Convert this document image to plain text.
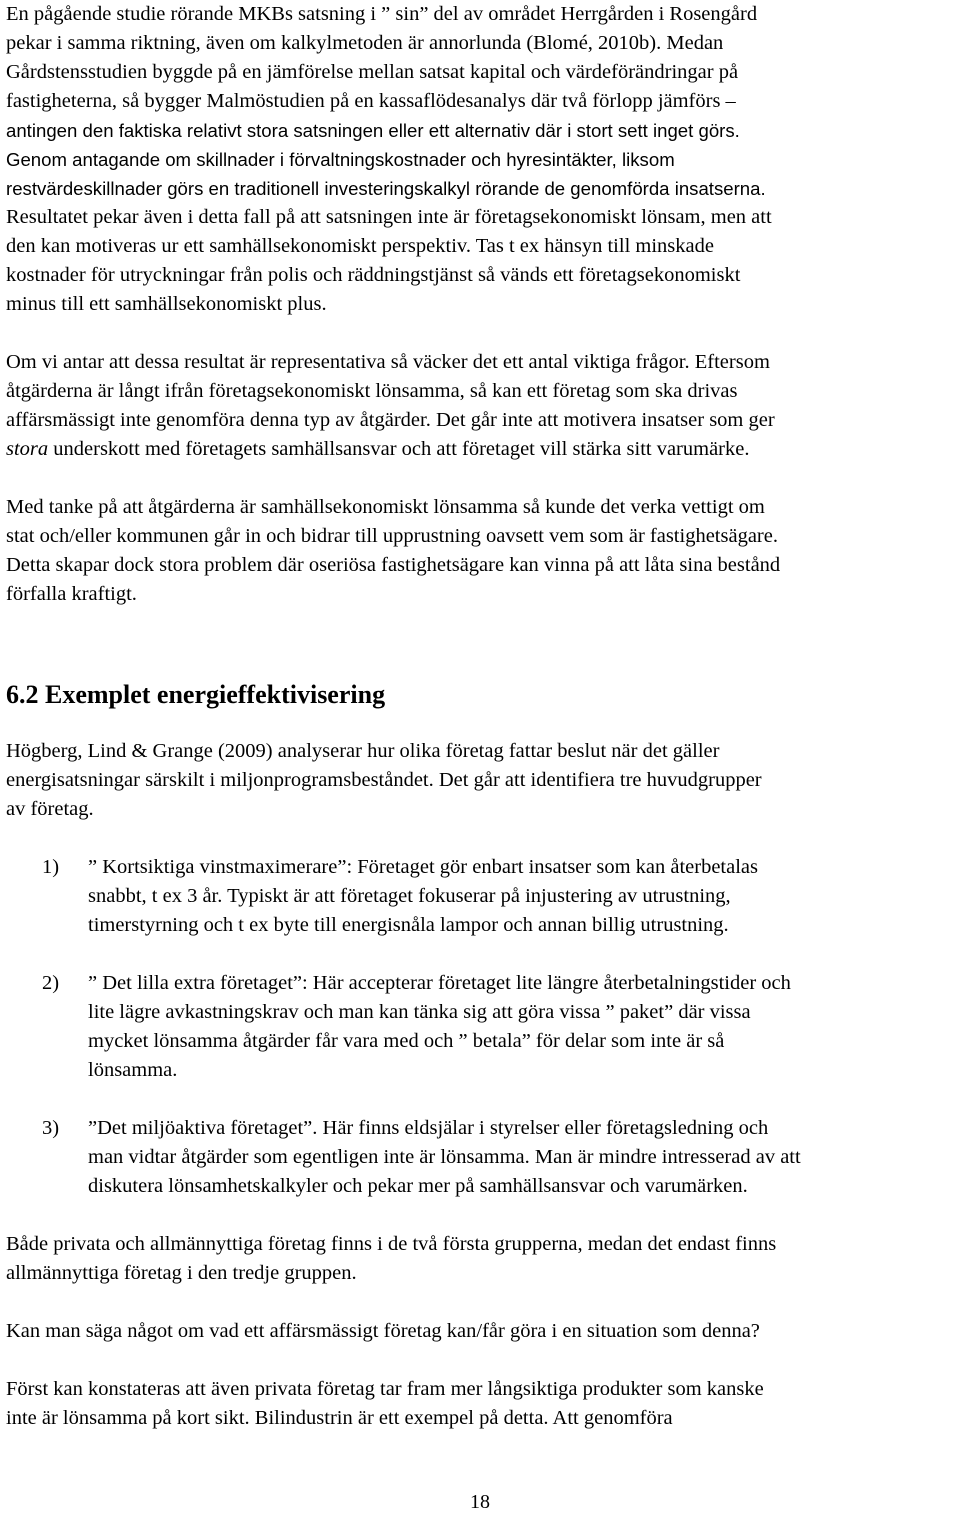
En pågående studie rörande MKBs satsning i ” sin” del av området Herrgården i Rosengård
pekar i samma riktning, även om kalkylmetoden är annorlunda (Blomé, 2010b). Medan
Gårdstensstudien byggde på en jämförelse mellan satsat kapital och värdeförändringar på
fastigheterna, så bygger Malmöstudien på en kassaflödesanalys där två förlopp jämförs –

antingen den faktiska relativt stora satsningen eller ett alternativ där i stort sett inget görs.
Genom antagande om skillnader i förvaltningskostnader och hyresintäkter, liksom
restvärdeskillnader görs en traditionell investeringskalkyl rörande de genomförda insatserna.

Resultatet pekar även i detta fall på att satsningen inte är företagsekonomiskt lönsam, men att
den kan motiveras ur ett samhällsekonomiskt perspektiv. Tas t ex hänsyn till minskade
kostnader för utryckningar från polis och räddningstjänst så vänds ett företagsekonomiskt
minus till ett samhällsekonomiskt plus.

Om vi antar att dessa resultat är representativa så väcker det ett antal viktiga frågor. Eftersom
åtgärderna är långt ifrån företagsekonomiskt lönsamma, så kan ett företag som ska drivas
affärsmässigt inte genomföra denna typ av åtgärder. Det går inte att motivera insatser som ger
stora underskott med företagets samhällsansvar och att företaget vill stärka sitt varumärke.

Med tanke på att åtgärderna är samhällsekonomiskt lönsamma så kunde det verka vettigt om
stat och/eller kommunen går in och bidrar till upprustning oavsett vem som är fastighetsägare.
Detta skapar dock stora problem där oseriösa fastighetsägare kan vinna på att låta sina bestånd
förfalla kraftigt.

6.2 Exemplet energieffektivisering

Högberg, Lind & Grange (2009) analyserar hur olika företag fattar beslut när det gäller
energisatsningar särskilt i miljonprogramsbeståndet. Det går att identifiera tre huvudgrupper
av företag.

1)	” Kortsiktiga vinstmaximerare”: Företaget gör enbart insatser som kan återbetalas
snabbt, t ex 3 år. Typiskt är att företaget fokuserar på injustering av utrustning,
timerstyrning och t ex byte till energisnåla lampor och annan billig utrustning.
2)	” Det lilla extra företaget”: Här accepterar företaget lite längre återbetalningstider och
lite lägre avkastningskrav och man kan tänka sig att göra vissa ” paket” där vissa
mycket lönsamma åtgärder får vara med och ” betala” för delar som inte är så
lönsamma.
3)	”Det miljöaktiva företaget”. Här finns eldsjälar i styrelser eller företagsledning och
man vidtar åtgärder som egentligen inte är lönsamma. Man är mindre intresserad av att
diskutera lönsamhetskalkyler och pekar mer på samhällsansvar och varumärken.

Både privata och allmännyttiga företag finns i de två första grupperna, medan det endast finns
allmännyttiga företag i den tredje gruppen.

Kan man säga något om vad ett affärsmässigt företag kan/får göra i en situation som denna?

Först kan konstateras att även privata företag tar fram mer långsiktiga produkter som kanske
inte är lönsamma på kort sikt. Bilindustrin är ett exempel på detta. Att genomföra

18
